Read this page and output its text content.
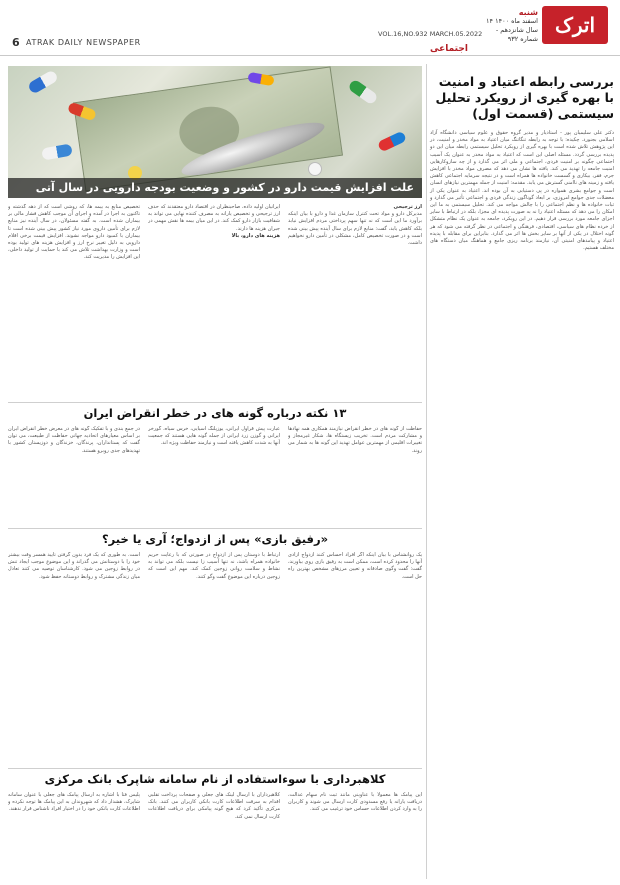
6 ATRAK DAILY NEWSPAPER
VOL.16,NO.932 MARCH.05.2022
اجتماعی
شنبه
۱۴ اسفند ماه ۱۴۰۰
سال شانزدهم - شماره ۹۳۲
اترک
بررسی رابطه اعتیاد و امنیت با بهره گیری از رویکرد تحلیل سیستمی (قسمت اول)
دکتر علی سلیمیان پور - استادیار و مدیر گروه حقوق و علوم سیاسی دانشگاه آزاد اسلامی بجنورد. چکیده: با توجه به رابطه تنگاتنگ میان اعتیاد به مواد مخدر و امنیت، در این پژوهش تلاش شده است با بهره گیری از رویکرد تحلیل سیستمی رابطه میان این دو پدیده بررسی گردد. مسئله اصلی این است که اعتیاد به مواد مخدر به عنوان یک آسیب اجتماعی چگونه بر امنیت فردی، اجتماعی و ملی اثر می گذارد و از چه سازوکارهایی امنیت جامعه را تهدید می کند. یافته ها نشان می دهد که مصرف مواد مخدر با افزایش جرم، فقر، بیکاری و گسست خانواده ها همراه است و در نتیجه سرمایه اجتماعی کاهش یافته و زمینه های ناامنی گسترش می یابد. مقدمه: امنیت از جمله مهمترین نیازهای انسان است و جوامع بشری همواره در پی دستیابی به آن بوده اند. اعتیاد به عنوان یکی از معضلات جدی جوامع امروزی، بر ابعاد گوناگون زندگی فردی و اجتماعی تأثیر می گذارد و ثبات خانواده ها و نظم اجتماعی را با چالش مواجه می کند. تحلیل سیستمی به ما این امکان را می دهد که مسئله اعتیاد را نه به صورت پدیده ای مجزا، بلکه در ارتباط با سایر اجزای جامعه مورد بررسی قرار دهیم. در این رویکرد، جامعه به عنوان یک نظام متشکل از خرده نظام های سیاسی، اقتصادی، فرهنگی و اجتماعی در نظر گرفته می شود که هر گونه اختلال در یکی از آنها بر سایر بخش ها اثر می گذارد. بنابراین برای مقابله با پدیده اعتیاد و پیامدهای امنیتی آن، نیازمند برنامه ریزی جامع و هماهنگ میان دستگاه های مختلف هستیم.
علت افزایش قیمت دارو در کشور و وضعیت بودجه دارویی در سال آتی
تخصیص منابع به بیمه ها، که روشی است که از دهه گذشته و تاکنون به اجرا در آمده و اجرای آن موجب کاهش فشار مالی بر بیماران شده است. به گفته مسئولان، در سال آینده نیز منابع لازم برای تأمین داروی مورد نیاز کشور پیش بینی شده است تا بیماران با کمبود دارو مواجه نشوند. افزایش قیمت برخی اقلام دارویی به دلیل تغییر نرخ ارز و افزایش هزینه های تولید بوده است و وزارت بهداشت تلاش می کند با حمایت از تولید داخلی، این افزایش را مدیریت کند.
ایرانیان اولیه داده، صاحبنظران در اقتصاد دارو معتقدند که حذف ارز ترجیحی و تخصیص یارانه به مصرف کننده نهایی می تواند به شفافیت بازار دارو کمک کند. در این میان بیمه ها نقش مهمی در جبران هزینه ها دارند.
هزینه های دارو، بالا
ارز ترجیحی
مدیرکل دارو و مواد تحت کنترل سازمان غذا و دارو با بیان اینکه برآورد ما این است که نه تنها سهم پرداختی مردم افزایش نیابد بلکه کاهش یابد، گفت: منابع لازم برای سال آینده پیش بینی شده است و در صورت تخصیص کامل، مشکلی در تأمین دارو نخواهیم داشت.
۱۳ نکته درباره گونه های در خطر انقراض ایران
در جمع بندی و با تفکیک گونه های در معرض خطر انقراض ایران بر اساس معیارهای اتحادیه جهانی حفاظت از طبیعت، می توان گفت که پستانداران، پرندگان، خزندگان و دوزیستان کشور با تهدیدهای جدی روبرو هستند.
عبارت پیش قراول ایرانی، یوزپلنگ آسیایی، خرس سیاه، گورخر ایرانی و گوزن زرد ایرانی از جمله گونه هایی هستند که جمعیت آنها به شدت کاهش یافته است و نیازمند حفاظت ویژه اند.
حفاظت از گونه های در خطر انقراض نیازمند همکاری همه نهادها و مشارکت مردم است. تخریب زیستگاه ها، شکار غیرمجاز و تغییرات اقلیمی از مهمترین عوامل تهدید این گونه ها به شمار می روند.
«رفیق بازی» پس از ازدواج؛ آری یا خیر؟
است. به طوری که یک فرد بدون گرفتن تأیید همسر وقت بیشتر خود را با دوستانش می گذراند و این موضوع موجب ایجاد تنش در روابط زوجین می شود. کارشناسان توصیه می کنند تعادل میان زندگی مشترک و روابط دوستانه حفظ شود.
ارتباط با دوستان پس از ازدواج در صورتی که با رعایت حریم خانواده همراه باشد، نه تنها آسیب زا نیست بلکه می تواند به نشاط و سلامت روانی زوجین کمک کند. مهم این است که زوجین درباره این موضوع گفت وگو کنند.
یک روانشناس با بیان اینکه اگر افراد احساس کنند ازدواج آزادی آنها را محدود کرده است، ممکن است به رفیق بازی روی بیاورند، گفت: گفت وگوی صادقانه و تعیین مرزهای مشخص بهترین راه حل است.
کلاهبرداری با سوءاستفاده از نام سامانه شاپرک بانک مرکزی
پلیس فتا با اشاره به ارسال پیامک های جعلی با عنوان سامانه شاپرک، هشدار داد که شهروندان به این پیامک ها توجه نکرده و اطلاعات کارت بانکی خود را در اختیار افراد ناشناس قرار ندهند.
کلاهبرداران با ارسال لینک های جعلی و صفحات پرداخت تقلبی اقدام به سرقت اطلاعات کارت بانکی کاربران می کنند. بانک مرکزی تأکید کرد که هیچ گونه پیامکی برای دریافت اطلاعات کارت ارسال نمی کند.
این پیامک ها معمولا با عناوینی مانند ثبت نام سهام عدالت، دریافت یارانه یا رفع مسدودی کارت ارسال می شوند و کاربران را به وارد کردن اطلاعات حساس خود ترغیب می کنند.
